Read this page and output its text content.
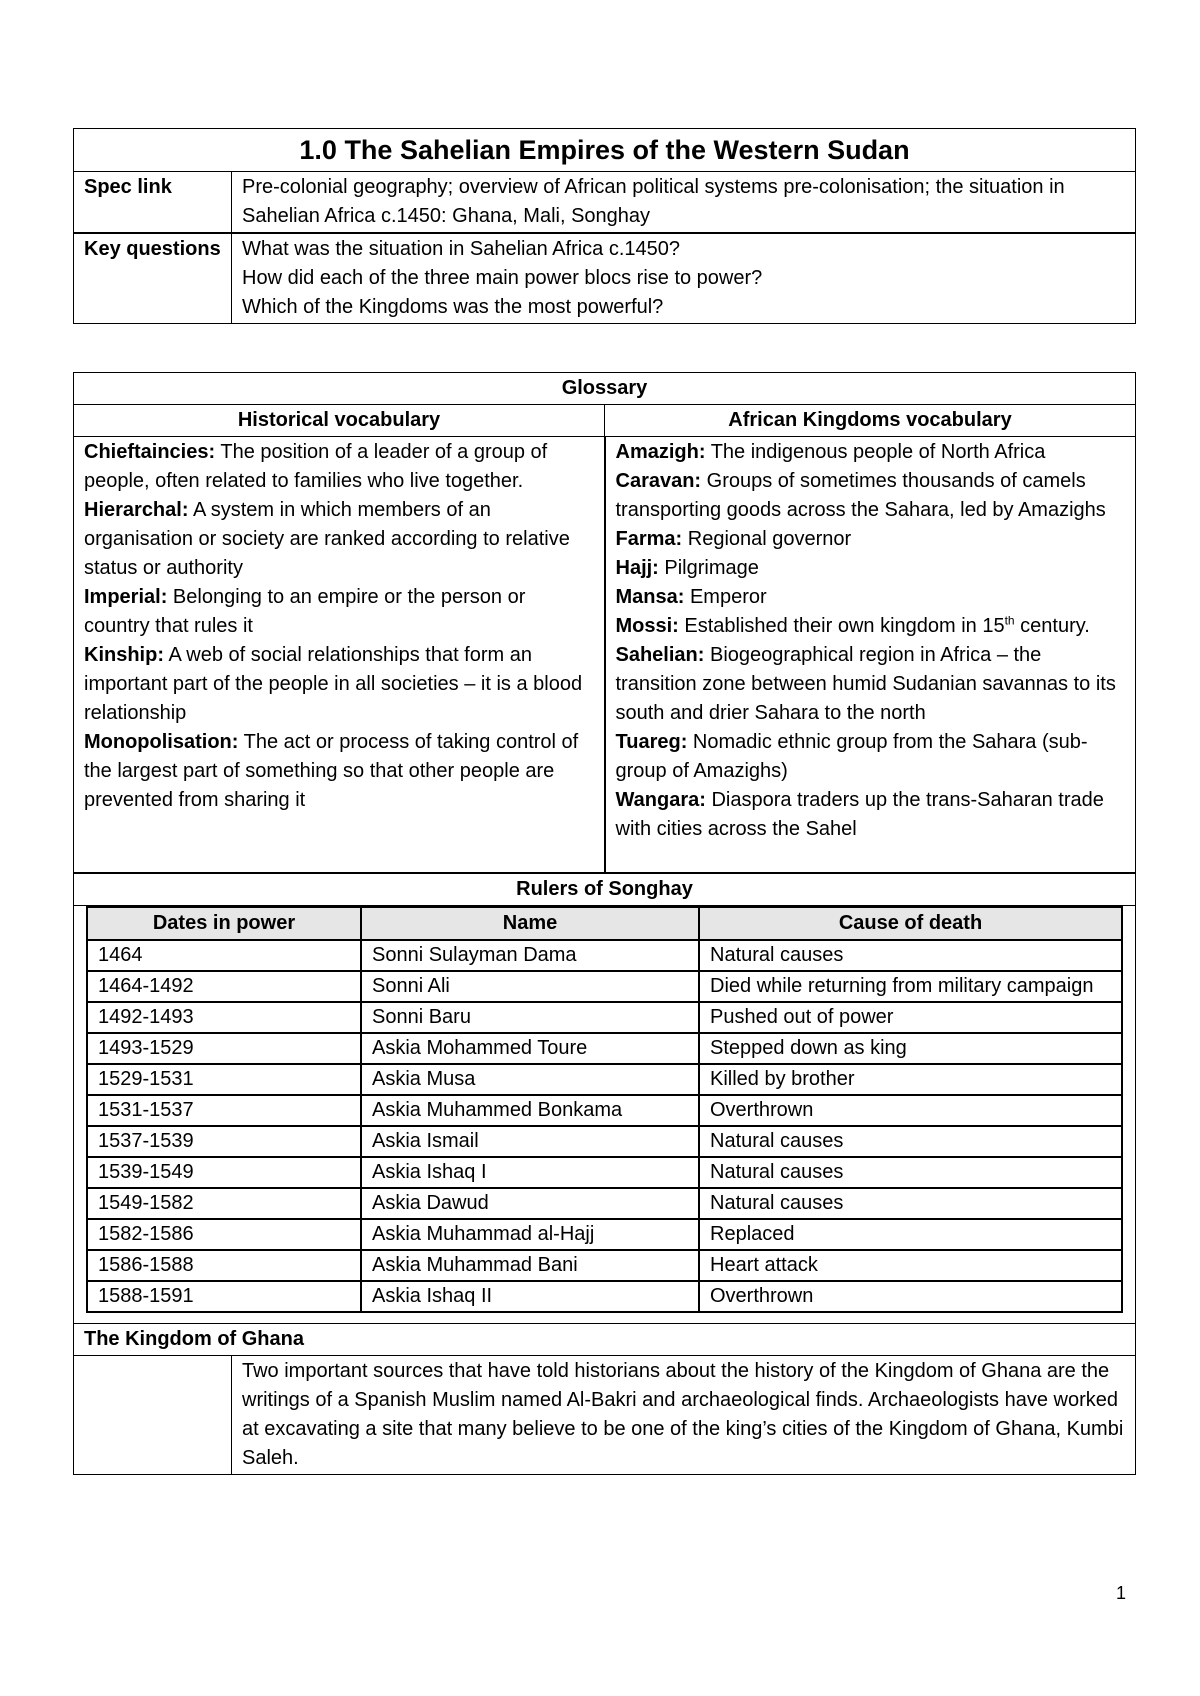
1.0 The Sahelian Empires of the Western Sudan	
Spec link	Pre-colonial geography; overview of African political systems pre-colonisation; the situation in Sahelian Africa c.1450: Ghana, Mali, Songhay
Key questions	What was the situation in Sahelian Africa c.1450?
How did each of the three main power blocs rise to power?
Which of the Kingdoms was the most powerful?
Glossary
Historical vocabulary	African Kingdoms vocabulary

Chieftaincies: The position of a leader of a group of people, often related to families who live together.
Hierarchal: A system in which members of an organisation or society are ranked according to relative status or authority
Imperial: Belonging to an empire or the person or country that rules it
Kinship: A web of social relationships that form an important part of the people in all societies – it is a blood relationship
Monopolisation: The act or process of taking control of the largest part of something so that other people are prevented from sharing it

Amazigh: The indigenous people of North Africa
Caravan: Groups of sometimes thousands of camels transporting goods across the Sahara, led by Amazighs
Farma: Regional governor
Hajj: Pilgrimage
Mansa: Emperor
Mossi: Established their own kingdom in 15th century.
Sahelian: Biogeographical region in Africa – the transition zone between humid Sudanian savannas to its south and drier Sahara to the north
Tuareg: Nomadic ethnic group from the Sahara (sub-group of Amazighs)
Wangara: Diaspora traders up the trans-Saharan trade with cities across the Sahel

Rulers of Songhay

Dates in power	Name	Cause of death
1464	Sonni Sulayman Dama	Natural causes
1464-1492	Sonni Ali	Died while returning from military campaign
1492-1493	Sonni Baru	Pushed out of power
1493-1529	Askia Mohammed Toure	Stepped down as king
1529-1531	Askia Musa	Killed by brother
1531-1537	Askia Muhammed Bonkama	Overthrown
1537-1539	Askia Ismail	Natural causes
1539-1549	Askia Ishaq I	Natural causes
1549-1582	Askia Dawud	Natural causes
1582-1586	Askia Muhammad al-Hajj	Replaced
1586-1588	Askia Muhammad Bani	Heart attack
1588-1591	Askia Ishaq II	Overthrown

The Kingdom of Ghana
	Two important sources that have told historians about the history of the Kingdom of Ghana are the writings of a Spanish Muslim named Al-Bakri and archaeological finds. Archaeologists have worked at excavating a site that many believe to be one of the king’s cities of the Kingdom of Ghana, Kumbi Saleh.
1
